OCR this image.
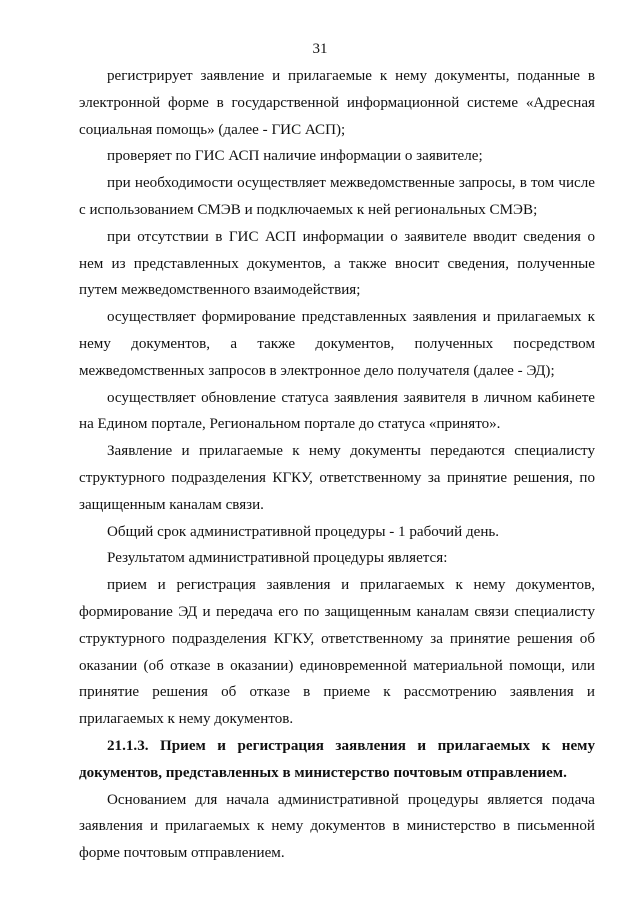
31

регистрирует заявление и прилагаемые к нему документы, поданные в электронной форме в государственной информационной системе «Адресная социальная помощь» (далее - ГИС АСП);

проверяет по ГИС АСП наличие информации о заявителе;

при необходимости осуществляет межведомственные запросы, в том числе с использованием СМЭВ и подключаемых к ней региональных СМЭВ;

при отсутствии в ГИС АСП информации о заявителе вводит сведения о нем из представленных документов, а также вносит сведения, полученные путем межведомственного взаимодействия;

осуществляет формирование представленных заявления и прилагаемых к нему документов, а также документов, полученных посредством межведомственных запросов в электронное дело получателя (далее - ЭД);

осуществляет обновление статуса заявления заявителя в личном кабинете на Едином портале, Региональном портале до статуса «принято».

Заявление и прилагаемые к нему документы передаются специалисту структурного подразделения КГКУ, ответственному за принятие решения, по защищенным каналам связи.

Общий срок административной процедуры - 1 рабочий день.

Результатом административной процедуры является:

прием и регистрация заявления и прилагаемых к нему документов, формирование ЭД и передача его по защищенным каналам связи специалисту структурного подразделения КГКУ, ответственному за принятие решения об оказании (об отказе в оказании) единовременной материальной помощи, или принятие решения об отказе в приеме к рассмотрению заявления и прилагаемых к нему документов.

21.1.3. Прием и регистрация заявления и прилагаемых к нему документов, представленных в министерство почтовым отправлением.

Основанием для начала административной процедуры является подача заявления и прилагаемых к нему документов в министерство в письменной форме почтовым отправлением.
